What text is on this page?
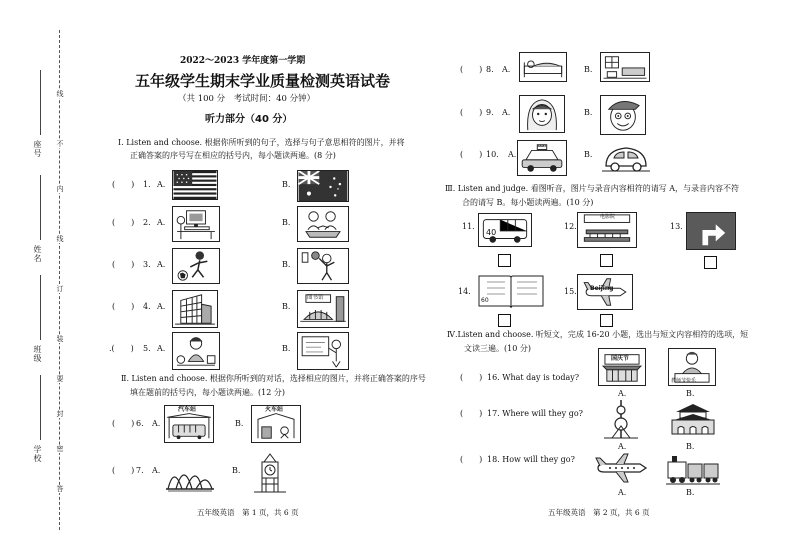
线
不
内
线
订
装
要
封
密
答
座号
姓名
班级
学校
2022～2023 学年度第一学期
五年级学生期末学业质量检测英语试卷
（共 100 分　考试时间：40 分钟）
听力部分（40 分）
Ⅰ. Listen and choose. 根据你所听到的句子，选择与句子意思相符的图片，并将
正确答案的序号写在相应的括号内，每小题读两遍。(8 分)
(　　) 1. A.	B.
(　　) 2. A.	B.
(　　) 3. A.	B.
(　　) 4. A.	B.
图书馆
.(　　) 5. A.	B.
Ⅱ. Listen and choose. 根据你所听到的对话，选择相应的图片，并将正确答案的序号
填在题前的括号内，每小题读两遍。(12 分)
(　　) 6. A.
汽车站
B.
火车站
(　　) 7. A.	B.
(　　) 8. A.	B.
(　　) 9. A.	B.
(　　) 10. A.
TAXI
B.
Ⅲ. Listen and judge. 看图听音，图片与录音内容相符的请写 A，与录音内容不符
合的请写 B。每小题读两遍。(10 分)
11.
40
12.
电影院
13.
14.
60
15. Beijing
Ⅳ.Listen and choose. 听短文，完成 16-20 小题，选出与短文内容相符的选项，短
文读三遍。(10 分)
(　　) 16. What day is today?
国庆节
A.
教师节快乐
B.
(　　) 17. Where will they go?
A.	B.
(　　) 18. How will they go?
A.	B.
五年级英语　第 1 页，共 6 页	五年级英语　第 2 页，共 6 页
